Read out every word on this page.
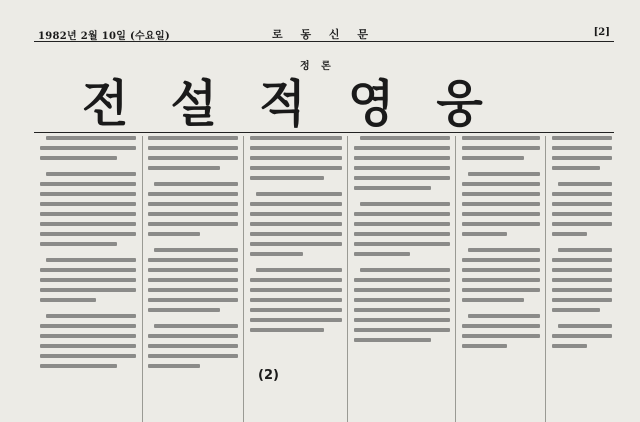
1982년 2월 10일 (수요일)	로 동 신 문	[2]
정 론
전설적영웅
(2)
